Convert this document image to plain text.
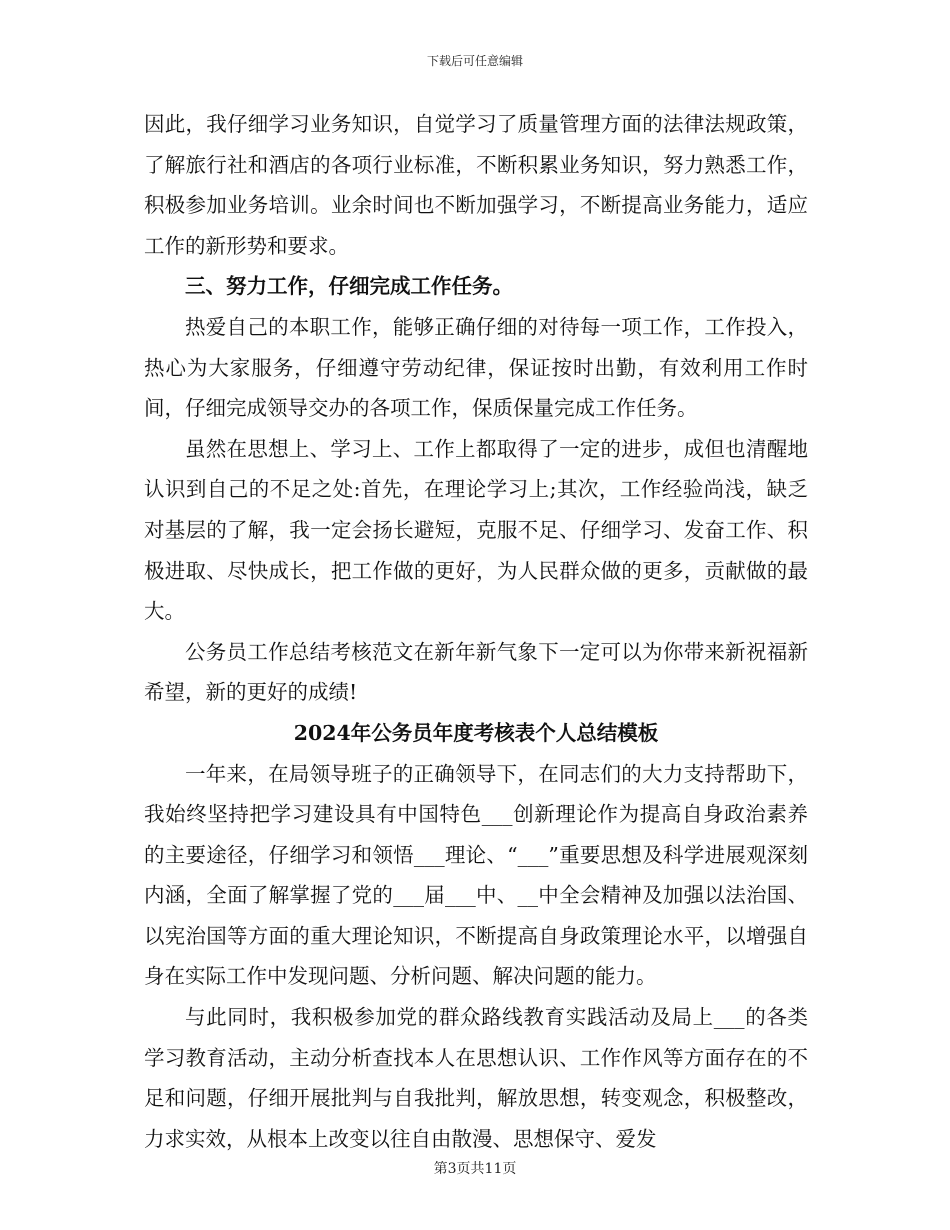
下载后可任意编辑

因此，我仔细学习业务知识，自觉学习了质量管理方面的法律法规政策，了解旅行社和酒店的各项行业标准，不断积累业务知识，努力熟悉工作，积极参加业务培训。业余时间也不断加强学习，不断提高业务能力，适应工作的新形势和要求。

三、努力工作，仔细完成工作任务。

热爱自己的本职工作，能够正确仔细的对待每一项工作，工作投入，热心为大家服务，仔细遵守劳动纪律，保证按时出勤，有效利用工作时间，仔细完成领导交办的各项工作，保质保量完成工作任务。

虽然在思想上、学习上、工作上都取得了一定的进步，成但也清醒地认识到自己的不足之处:首先，在理论学习上;其次，工作经验尚浅，缺乏对基层的了解，我一定会扬长避短，克服不足、仔细学习、发奋工作、积极进取、尽快成长，把工作做的更好，为人民群众做的更多，贡献做的最大。

公务员工作总结考核范文在新年新气象下一定可以为你带来新祝福新希望，新的更好的成绩!

2024年公务员年度考核表个人总结模板

一年来，在局领导班子的正确领导下，在同志们的大力支持帮助下，我始终坚持把学习建设具有中国特色___创新理论作为提高自身政治素养的主要途径，仔细学习和领悟___理论、“___”重要思想及科学进展观深刻内涵，全面了解掌握了党的___届___中、__中全会精神及加强以法治国、以宪治国等方面的重大理论知识，不断提高自身政策理论水平，以增强自身在实际工作中发现问题、分析问题、解决问题的能力。

与此同时，我积极参加党的群众路线教育实践活动及局上___的各类学习教育活动，主动分析查找本人在思想认识、工作作风等方面存在的不足和问题，仔细开展批判与自我批判，解放思想，转变观念，积极整改，力求实效，从根本上改变以往自由散漫、思想保守、爱发

第3页共11页
